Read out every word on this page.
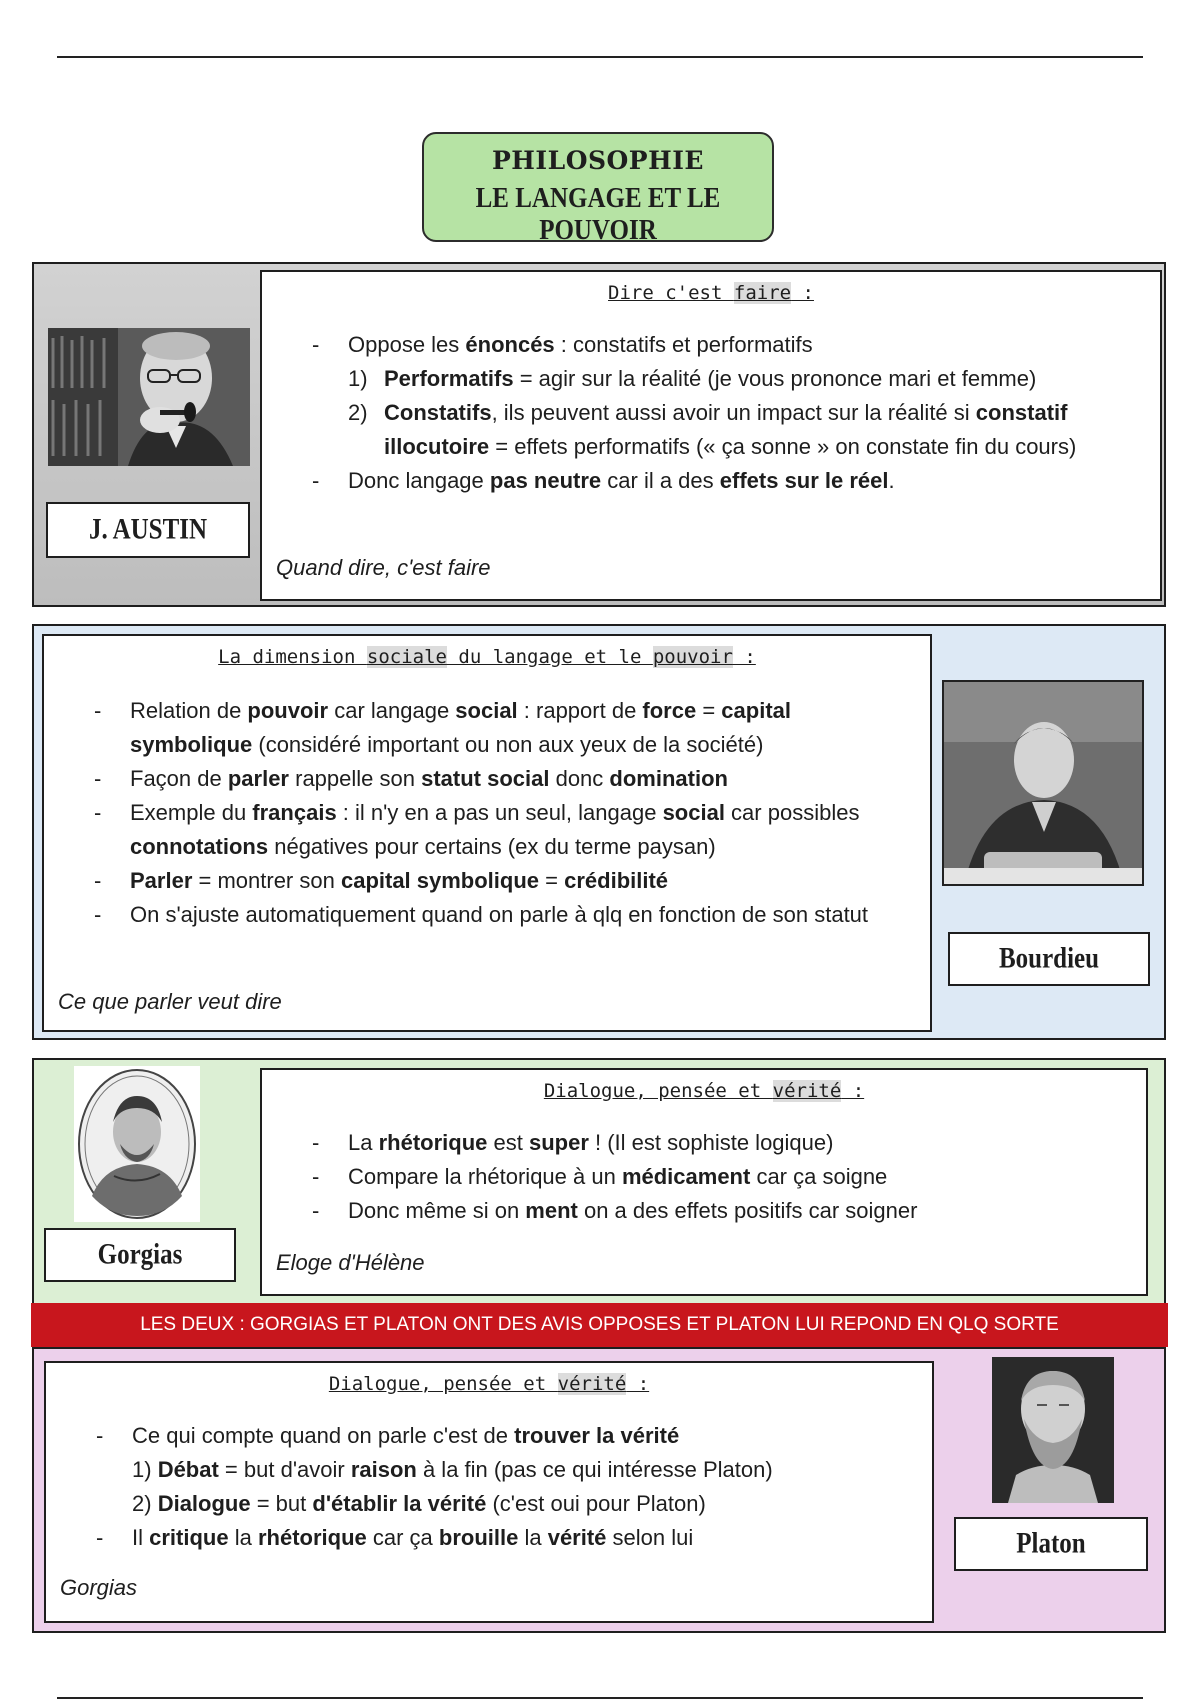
PHILOSOPHIE
LE LANGAGE ET LE POUVOIR
J. AUSTIN
Dire c'est faire :
- Oppose les énoncés : constatifs et performatifs
1) Performatifs = agir sur la réalité (je vous prononce mari et femme)
2) Constatifs, ils peuvent aussi avoir un impact sur la réalité si constatif illocutoire = effets performatifs (« ça sonne » on constate fin du cours)
- Donc langage pas neutre car il a des effets sur le réel.
Quand dire, c'est faire
La dimension sociale du langage et le pouvoir :
- Relation de pouvoir car langage social : rapport de force = capital symbolique (considéré important ou non aux yeux de la société)
- Façon de parler rappelle son statut social donc domination
- Exemple du français : il n'y en a pas un seul, langage social car possibles connotations négatives pour certains (ex du terme paysan)
- Parler = montrer son capital symbolique = crédibilité
- On s'ajuste automatiquement quand on parle à qlq en fonction de son statut
Ce que parler veut dire
Bourdieu
Gorgias
Dialogue, pensée et vérité :
- La rhétorique est super ! (Il est sophiste logique)
- Compare la rhétorique à un médicament car ça soigne
- Donc même si on ment on a des effets positifs car soigner
Eloge d'Hélène
LES DEUX : GORGIAS ET PLATON ONT DES AVIS OPPOSES ET PLATON LUI REPOND EN QLQ SORTE
Dialogue, pensée et vérité :
- Ce qui compte quand on parle c'est de trouver la vérité
1) Débat = but d'avoir raison à la fin (pas ce qui intéresse Platon)
2) Dialogue = but d'établir la vérité (c'est oui pour Platon)
- Il critique la rhétorique car ça brouille la vérité selon lui
Gorgias
Platon
